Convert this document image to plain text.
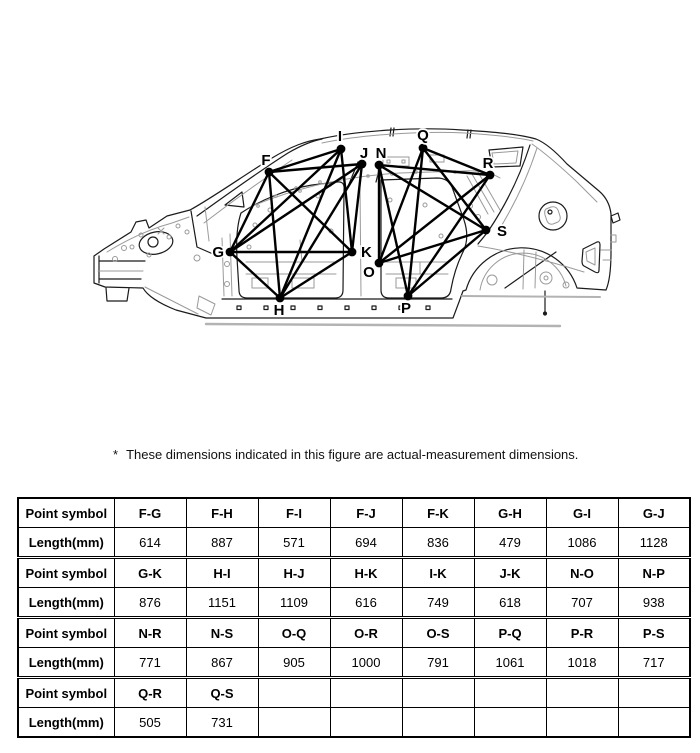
F
G
H
I
J
K
N
O
P
Q
R
S
* These dimensions indicated in this figure are actual-measurement dimensions.
Point symbol	F-G	F-H	F-I	F-J	F-K	G-H	G-I	G-J
Length(mm)	614	887	571	694	836	479	1086	1128
Point symbol	G-K	H-I	H-J	H-K	I-K	J-K	N-O	N-P
Length(mm)	876	1151	1109	616	749	618	707	938
Point symbol	N-R	N-S	O-Q	O-R	O-S	P-Q	P-R	P-S
Length(mm)	771	867	905	1000	791	1061	1018	717
Point symbol	Q-R	Q-S						
Length(mm)	505	731						
